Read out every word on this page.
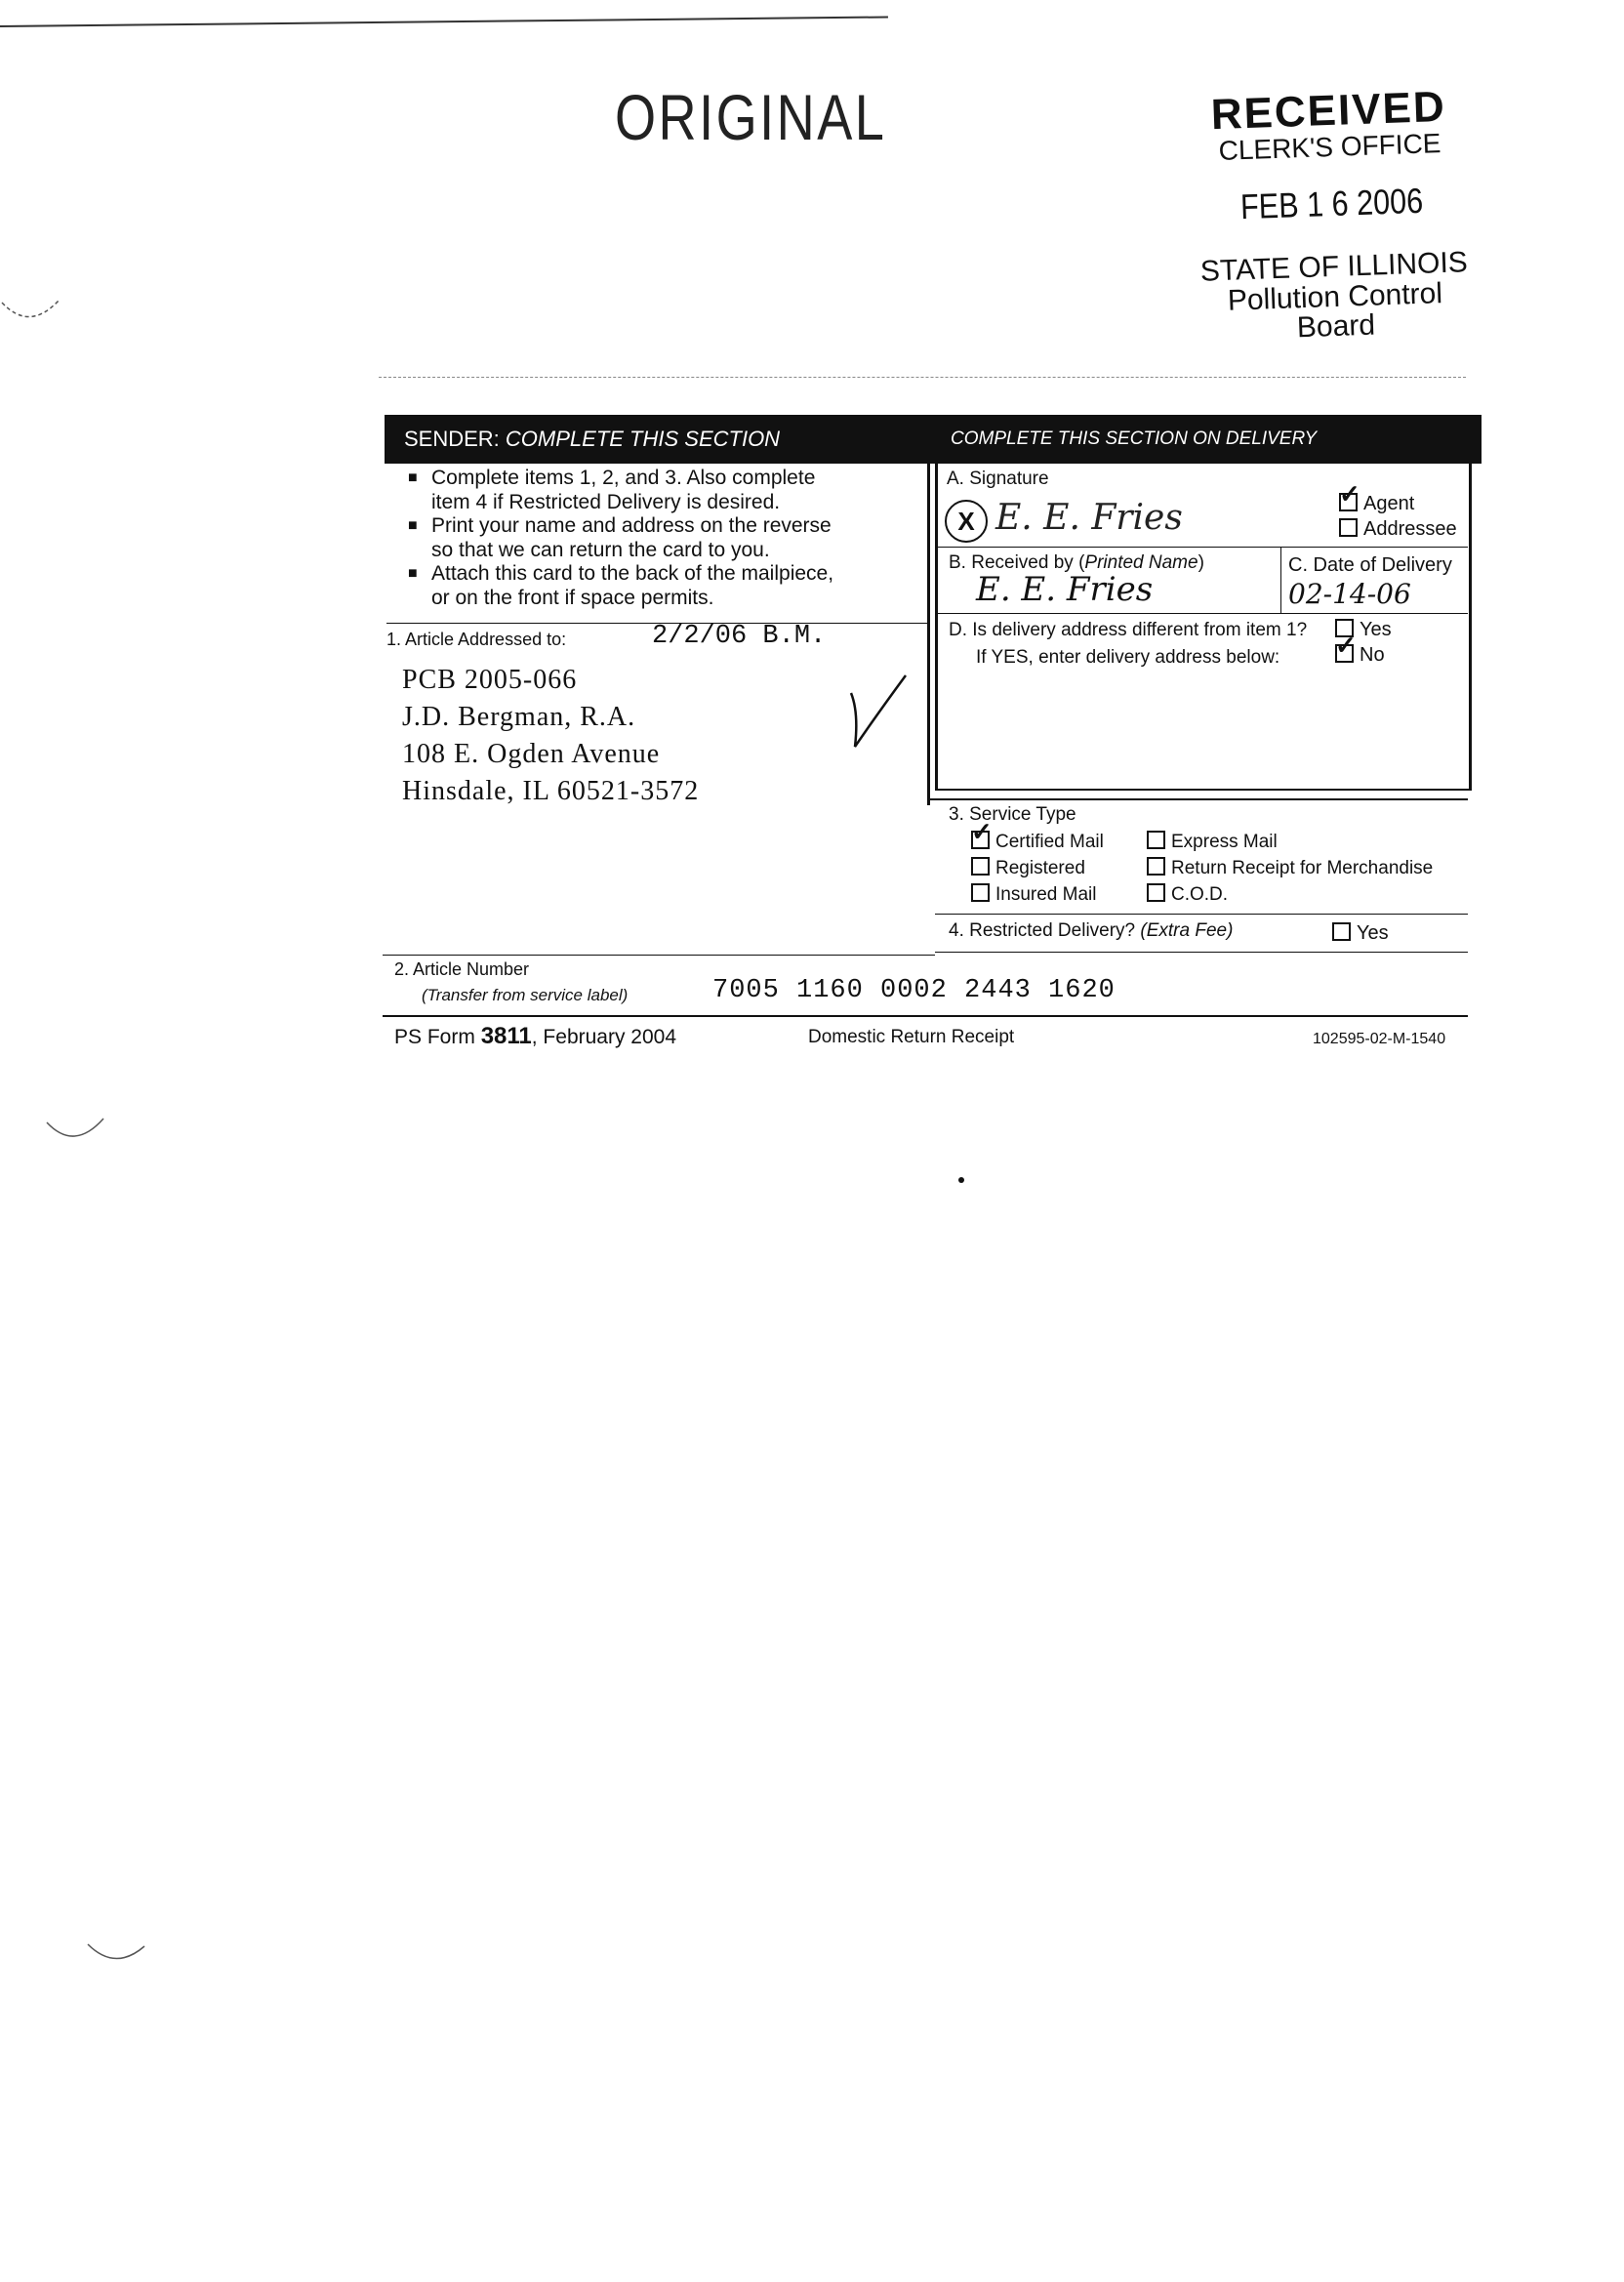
ORIGINAL	RECEIVED
CLERK'S OFFICE
FEB 1 6 2006
STATE OF ILLINOIS
Pollution Control Board
SENDER: COMPLETE THIS SECTION	COMPLETE THIS SECTION ON DELIVERY
■ Complete items 1, 2, and 3. Also complete
item 4 if Restricted Delivery is desired.
■ Print your name and address on the reverse
so that we can return the card to you.
■ Attach this card to the back of the mailpiece,
or on the front if space permits.
1. Article Addressed to:	2/2/06 B.M.
PCB 2005-066
J.D. Bergman, R.A.
108 E. Ogden Avenue
Hinsdale, IL 60521-3572
A. Signature
X E. E. Fries
✓	Agent
Addressee
B. Received by (Printed Name)
E. E. Fries
C. Date of Delivery
02-14-06
D. Is delivery address different from item 1?
If YES, enter delivery address below:
Yes
✓No
3. Service Type
✓Certified Mail	Express Mail
Registered	Return Receipt for Merchandise
Insured Mail	C.O.D.
4. Restricted Delivery? (Extra Fee)	Yes
2. Article Number
(Transfer from service label)	7005 1160 0002 2443 1620
PS Form 3811, February 2004	Domestic Return Receipt	102595-02-M-1540
